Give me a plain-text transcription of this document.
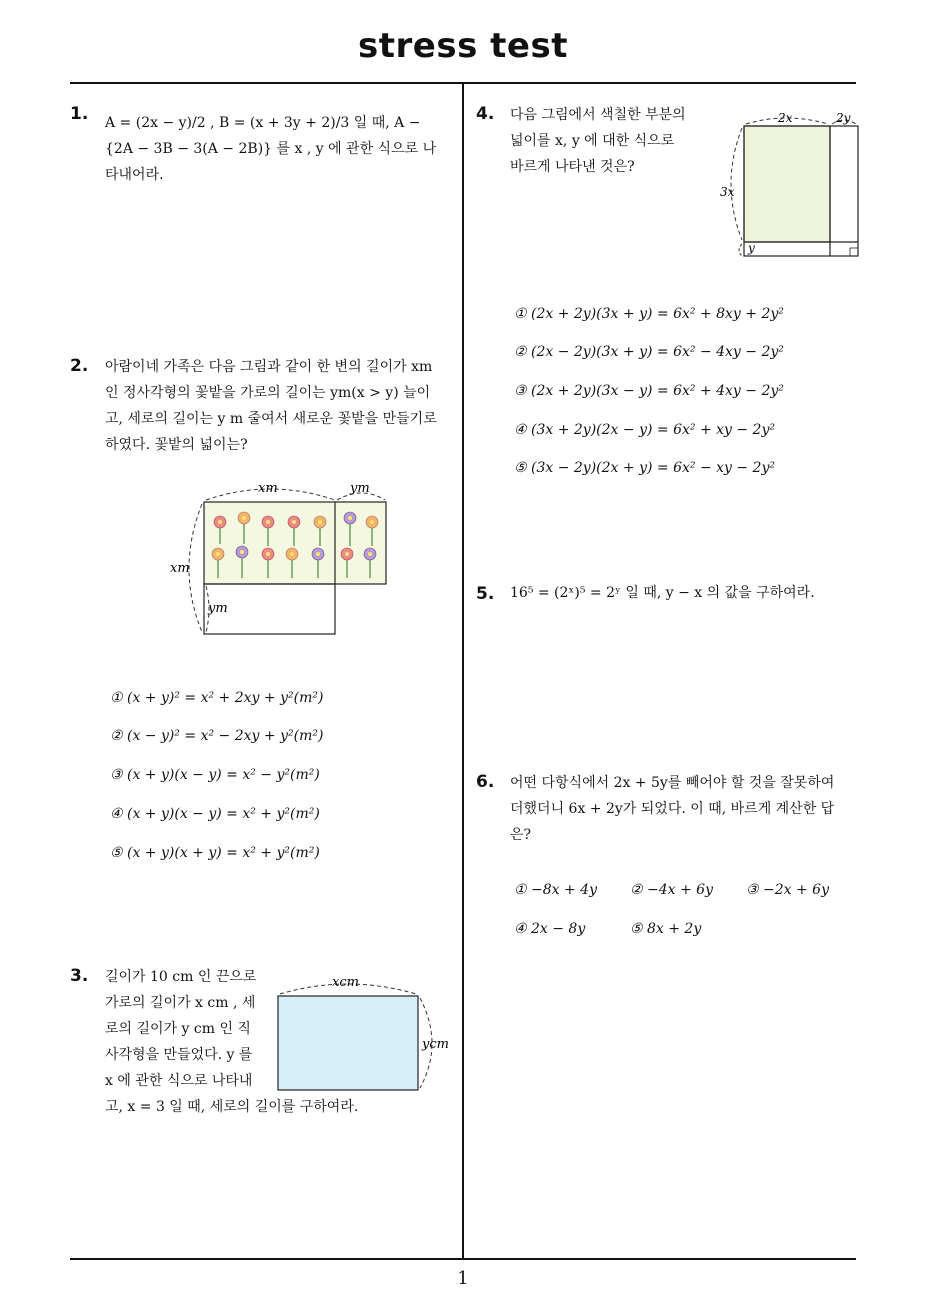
stress test
1
1. A = (2x − y)/2 , B = (x + 3y + 2)/3 일 때, A −
{2A − 3B − 3(A − 2B)} 를 x , y 에 관한 식으로 나
타내어라.
2. 아람이네 가족은 다음 그림과 같이 한 변의 길이가 xm
인 정사각형의 꽃밭을 가로의 길이는 ym(x > y) 늘이
고, 세로의 길이는 y m 줄여서 새로운 꽃밭을 만들기로
하였다. 꽃밭의 넓이는?
xm	ym
xm
ym
① (x + y)² = x² + 2xy + y²(m²)
② (x − y)² = x² − 2xy + y²(m²)
③ (x + y)(x − y) = x² − y²(m²)
④ (x + y)(x − y) = x² + y²(m²)
⑤ (x + y)(x + y) = x² + y²(m²)
3. 길이가 10 cm 인 끈으로
가로의 길이가 x cm , 세
로의 길이가 y cm 인 직
사각형을 만들었다. y 를
x 에 관한 식으로 나타내
고, x = 3 일 때, 세로의 길이를 구하여라.
xcm
ycm
4. 다음 그림에서 색칠한 부분의
넓이를 x, y 에 대한 식으로
바르게 나타낸 것은?
2x	2y
3x
y
① (2x + 2y)(3x + y) = 6x² + 8xy + 2y²
② (2x − 2y)(3x + y) = 6x² − 4xy − 2y²
③ (2x + 2y)(3x − y) = 6x² + 4xy − 2y²
④ (3x + 2y)(2x − y) = 6x² + xy − 2y²
⑤ (3x − 2y)(2x + y) = 6x² − xy − 2y²
5. 16⁵ = (2ˣ)⁵ = 2ʸ 일 때, y − x 의 값을 구하여라.
6. 어떤 다항식에서 2x + 5y를 빼어야 할 것을 잘못하여
더했더니 6x + 2y가 되었다. 이 때, 바르게 계산한 답
은?
① −8x + 4y ② −4x + 6y ③ −2x + 6y
④ 2x − 8y	⑤ 8x + 2y
